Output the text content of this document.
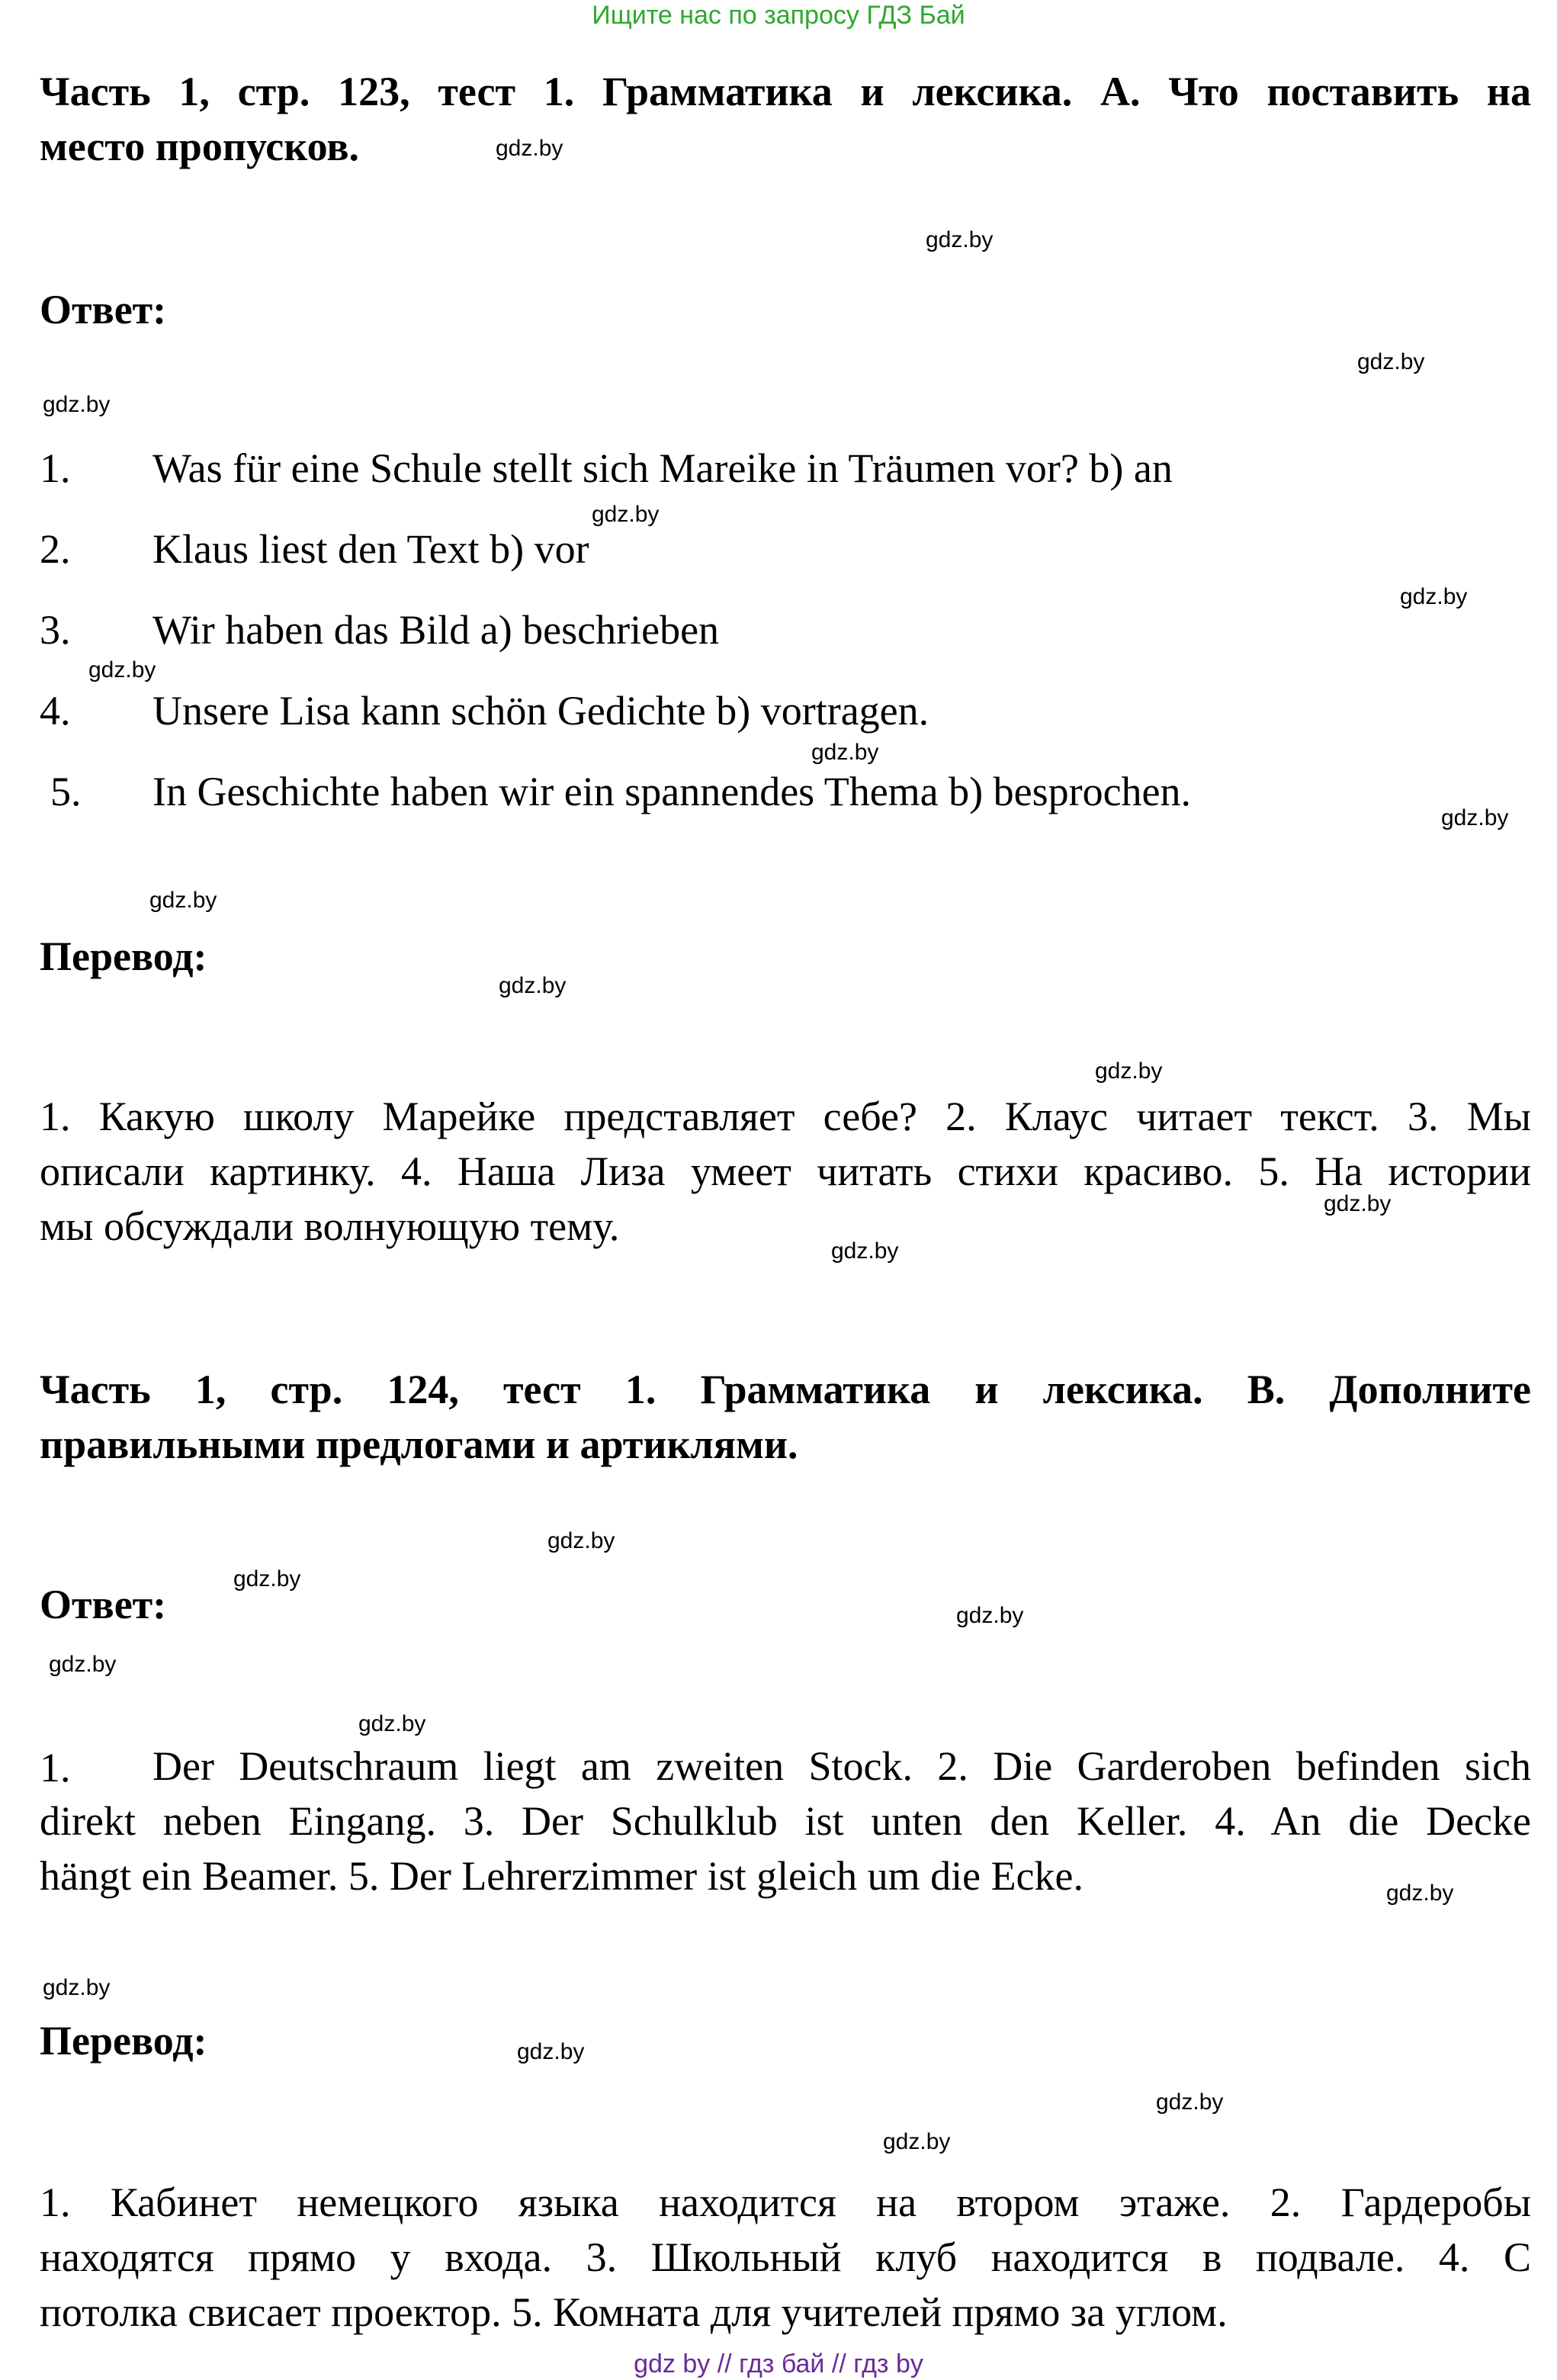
Ищите нас по запросу ГДЗ Бай
Часть 1, стр. 123, тест 1. Грамматика и лексика. А. Что поставить на
место пропусков.
Ответ:
1. Was für eine Schule stellt sich Mareike in Träumen vor? b) an
2. Klaus liest den Text b) vor
3. Wir haben das Bild a) beschrieben
4. Unsere Lisa kann schön Gedichte b) vortragen.
5. In Geschichte haben wir ein spannendes Thema b) besprochen.
Перевод:
1. Какую школу Марейке представляет себе? 2. Клаус читает текст. 3. Мы
описали картинку. 4. Наша Лиза умеет читать стихи красиво. 5. На истории
мы обсуждали волнующую тему.
Часть 1, стр. 124, тест 1. Грамматика и лексика. В. Дополните
правильными предлогами и артиклями.
Ответ:
1.	Der Deutschraum liegt am zweiten Stock. 2. Die Garderoben befinden sich
direkt neben Eingang. 3. Der Schulklub ist unten den Keller. 4. An die Decke
hängt ein Beamer. 5. Der Lehrerzimmer ist gleich um die Ecke.
Перевод:
1. Кабинет немецкого языка находится на втором этаже. 2. Гардеробы
находятся прямо у входа. 3. Школьный клуб находится в подвале. 4. С
потолка свисает проектор. 5. Комната для учителей прямо за углом.
gdz.by
gdz.by
gdz.by
gdz.by
gdz.by
gdz.by
gdz.by
gdz.by
gdz.by
gdz.by
gdz.by
gdz.by
gdz.by
gdz.by
gdz.by
gdz.by
gdz.by
gdz.by
gdz.by
gdz.by
gdz.by
gdz.by
gdz.by
gdz.by
gdz by // гдз бай // гдз by
